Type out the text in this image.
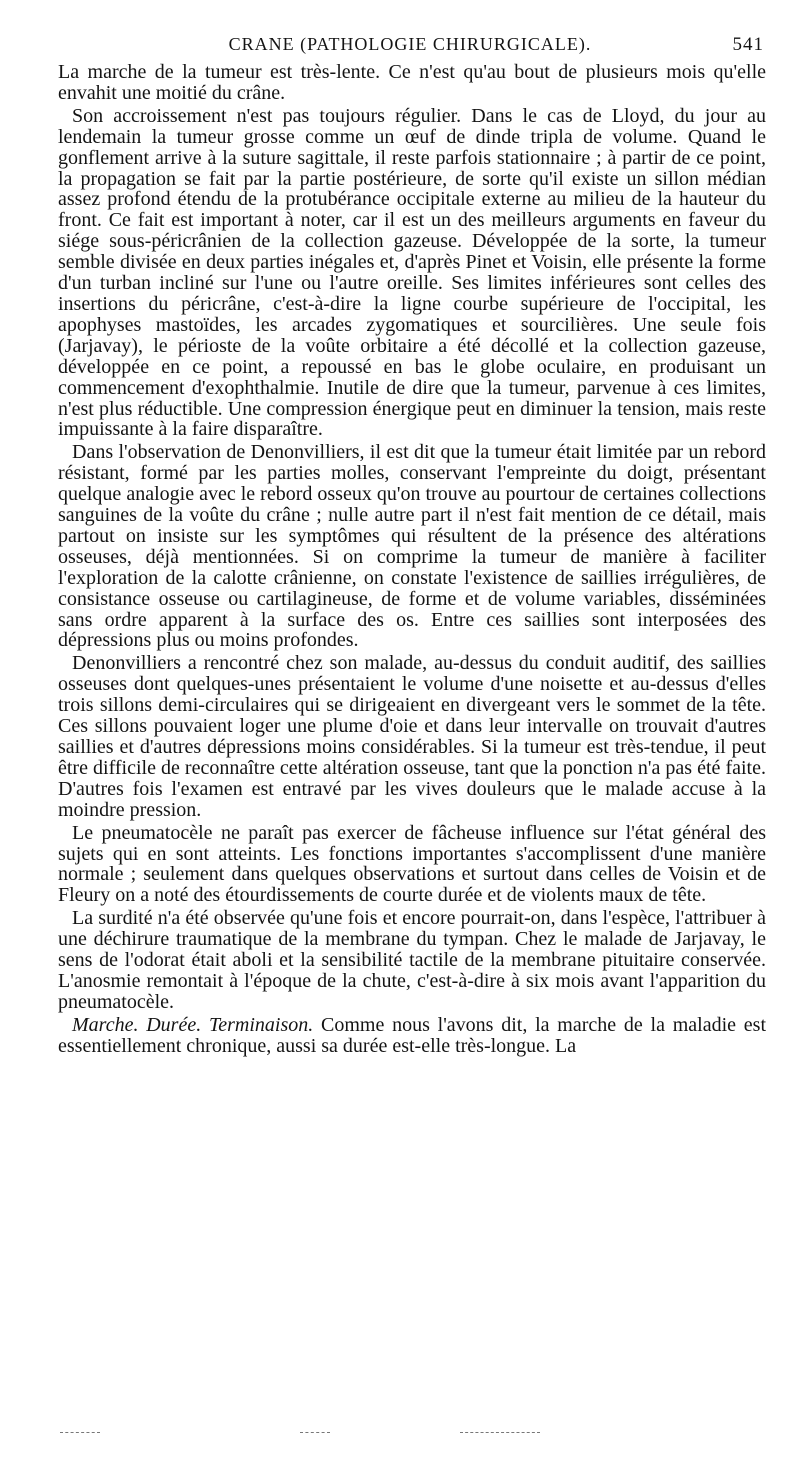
CRANE (PATHOLOGIE CHIRURGICALE).	541

La marche de la tumeur est très-lente. Ce n'est qu'au bout de plusieurs mois qu'elle envahit une moitié du crâne.

Son accroissement n'est pas toujours régulier. Dans le cas de Lloyd, du jour au lendemain la tumeur grosse comme un œuf de dinde tripla de volume. Quand le gonflement arrive à la suture sagittale, il reste parfois stationnaire ; à partir de ce point, la propagation se fait par la partie postérieure, de sorte qu'il existe un sillon médian assez profond étendu de la protubérance occipitale externe au milieu de la hauteur du front. Ce fait est important à noter, car il est un des meilleurs arguments en faveur du siége sous-péricrânien de la collection gazeuse. Développée de la sorte, la tumeur semble divisée en deux parties inégales et, d'après Pinet et Voisin, elle présente la forme d'un turban incliné sur l'une ou l'autre oreille. Ses limites inférieures sont celles des insertions du péricrâne, c'est-à-dire la ligne courbe supérieure de l'occipital, les apophyses mastoïdes, les arcades zygomatiques et sourcilières. Une seule fois (Jarjavay), le périoste de la voûte orbitaire a été décollé et la collection gazeuse, développée en ce point, a repoussé en bas le globe oculaire, en produisant un commencement d'exophthalmie. Inutile de dire que la tumeur, parvenue à ces limites, n'est plus réductible. Une compression énergique peut en diminuer la tension, mais reste impuissante à la faire disparaître.

Dans l'observation de Denonvilliers, il est dit que la tumeur était limitée par un rebord résistant, formé par les parties molles, conservant l'empreinte du doigt, présentant quelque analogie avec le rebord osseux qu'on trouve au pourtour de certaines collections sanguines de la voûte du crâne ; nulle autre part il n'est fait mention de ce détail, mais partout on insiste sur les symptômes qui résultent de la présence des altérations osseuses, déjà mentionnées. Si on comprime la tumeur de manière à faciliter l'exploration de la calotte crânienne, on constate l'existence de saillies irrégulières, de consistance osseuse ou cartilagineuse, de forme et de volume variables, disséminées sans ordre apparent à la surface des os. Entre ces saillies sont interposées des dépressions plus ou moins profondes.

Denonvilliers a rencontré chez son malade, au-dessus du conduit auditif, des saillies osseuses dont quelques-unes présentaient le volume d'une noisette et au-dessus d'elles trois sillons demi-circulaires qui se dirigeaient en divergeant vers le sommet de la tête. Ces sillons pouvaient loger une plume d'oie et dans leur intervalle on trouvait d'autres saillies et d'autres dépressions moins considérables. Si la tumeur est très-tendue, il peut être difficile de reconnaître cette altération osseuse, tant que la ponction n'a pas été faite. D'autres fois l'examen est entravé par les vives douleurs que le malade accuse à la moindre pression.

Le pneumatocèle ne paraît pas exercer de fâcheuse influence sur l'état général des sujets qui en sont atteints. Les fonctions importantes s'accomplissent d'une manière normale ; seulement dans quelques observations et surtout dans celles de Voisin et de Fleury on a noté des étourdissements de courte durée et de violents maux de tête.

La surdité n'a été observée qu'une fois et encore pourrait-on, dans l'espèce, l'attribuer à une déchirure traumatique de la membrane du tympan. Chez le malade de Jarjavay, le sens de l'odorat était aboli et la sensibilité tactile de la membrane pituitaire conservée. L'anosmie remontait à l'époque de la chute, c'est-à-dire à six mois avant l'apparition du pneumatocèle.

Marche. Durée. Terminaison. Comme nous l'avons dit, la marche de la maladie est essentiellement chronique, aussi sa durée est-elle très-longue. La
